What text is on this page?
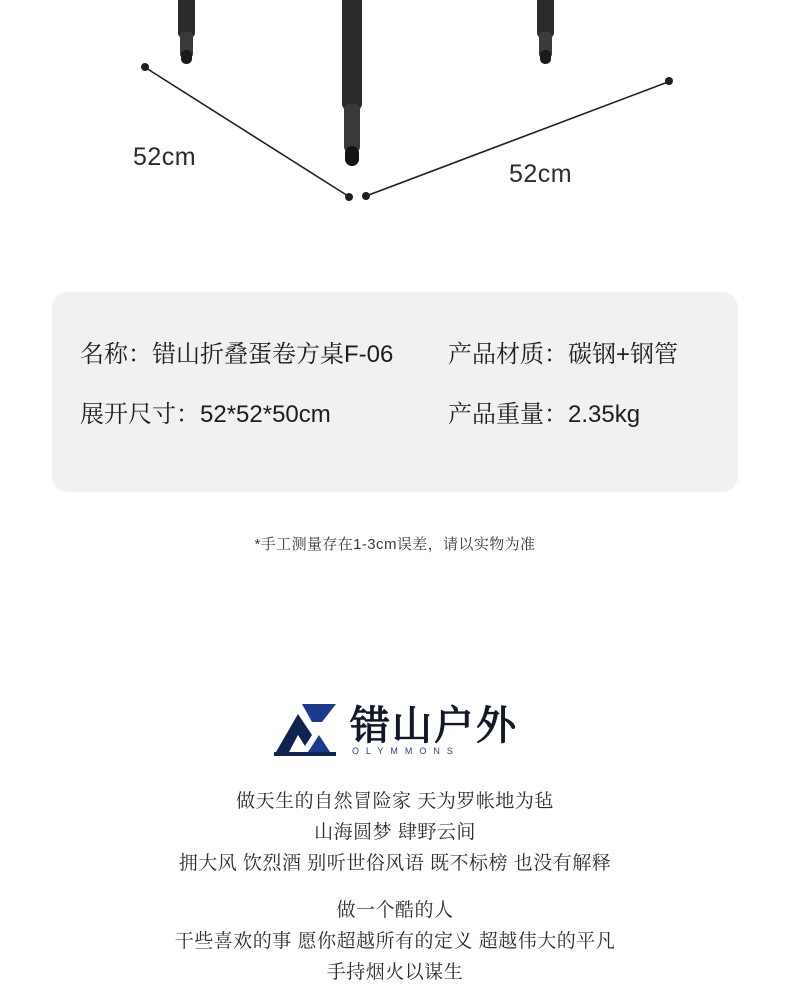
52cm
52cm
名称：错山折叠蛋卷方桌F-06	产品材质：碳钢+钢管
展开尺寸：52*52*50cm	产品重量：2.35kg
*手工测量存在1-3cm误差，请以实物为准
错山户外
OLYMMONS

做天生的自然冒险家 天为罗帐地为毡

山海圆梦 肆野云间

拥大风 饮烈酒 别听世俗风语 既不标榜 也没有解释

做一个酷的人

干些喜欢的事 愿你超越所有的定义 超越伟大的平凡

手持烟火以谋生
